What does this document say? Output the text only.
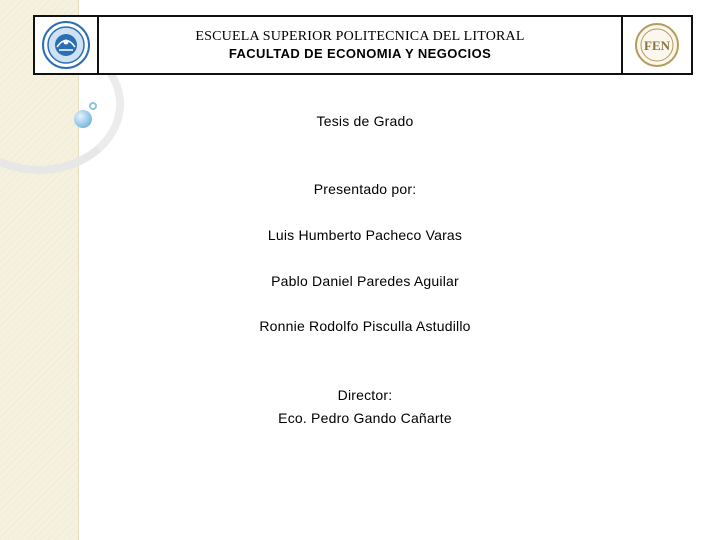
ESCUELA SUPERIOR POLITECNICA DEL LITORAL
FACULTAD DE ECONOMIA Y NEGOCIOS
FEN
Tesis de Grado
Presentado por:
Luis Humberto Pacheco Varas
Pablo Daniel Paredes Aguilar
Ronnie Rodolfo Pisculla Astudillo
Director:
Eco. Pedro Gando Cañarte
